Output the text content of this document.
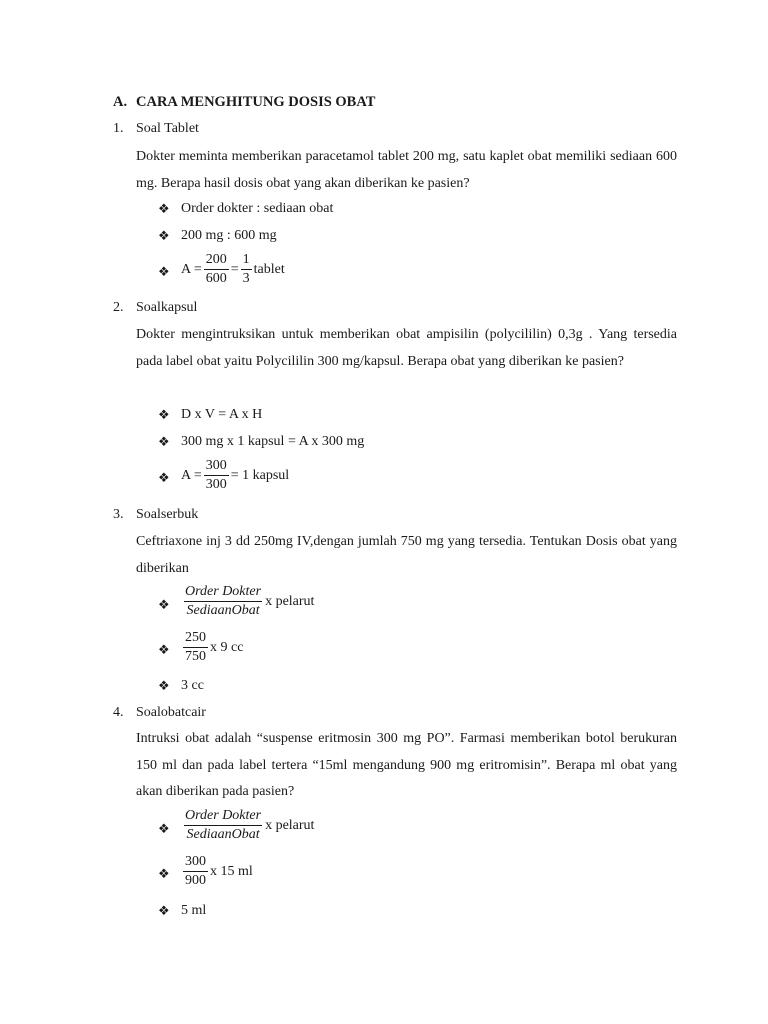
A. CARA MENGHITUNG DOSIS OBAT
1. Soal Tablet
Dokter meminta memberikan paracetamol tablet 200 mg, satu kaplet obat memiliki sediaan 600 mg. Berapa hasil dosis obat yang akan diberikan ke pasien?
❖ Order dokter : sediaan obat
❖ 200 mg : 600 mg
❖ $A = \frac{200}{600} = \frac{1}{3}$ tablet
2. Soalkapsul
Dokter mengintruksikan untuk memberikan obat ampisilin (polycililin) 0,3g . Yang tersedia pada label obat yaitu Polycililin 300 mg/kapsul. Berapa obat yang diberikan ke pasien?
❖ D x V = A x H
❖ 300 mg x 1 kapsul = A x 300 mg
❖ $A = \frac{300}{300} = 1$ kapsul
3. Soalserbuk
Ceftriaxone inj 3 dd 250mg IV,dengan jumlah 750 mg yang tersedia. Tentukan Dosis obat yang diberikan
❖ $\frac{\text{Order Dokter}}{\text{SediaanObat}}$ x pelarut
❖ $\frac{250}{750}$ x 9 cc
❖ 3 cc
4. Soalobatcair
Intruksi obat adalah “suspense eritmosin 300 mg PO”. Farmasi memberikan botol berukuran 150 ml dan pada label tertera “15ml mengandung 900 mg eritromisin”. Berapa ml obat yang akan diberikan pada pasien?
❖ $\frac{\text{Order Dokter}}{\text{SediaanObat}}$ x pelarut
❖ $\frac{300}{900}$ x 15 ml
❖ 5 ml
